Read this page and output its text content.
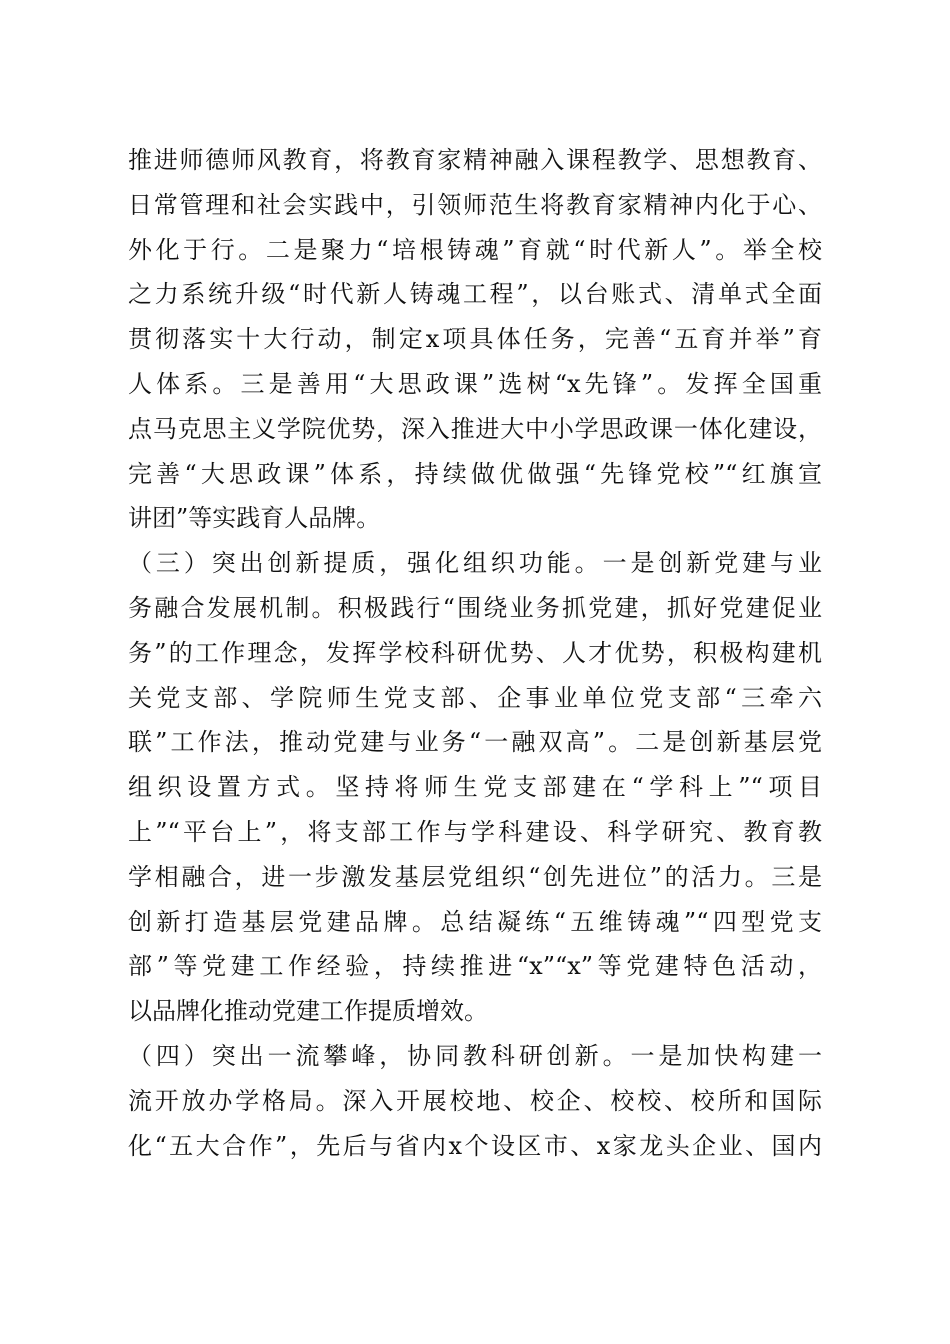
推进师德师风教育，将教育家精神融入课程教学、思想教育、
日常管理和社会实践中，引领师范生将教育家精神内化于心、
外化于行。二是聚力“培根铸魂”育就“时代新人”。举全校
之力系统升级“时代新人铸魂工程”，以台账式、清单式全面
贯彻落实十大行动，制定x项具体任务，完善“五育并举”育
人体系。三是善用“大思政课”选树“x先锋”。发挥全国重
点马克思主义学院优势，深入推进大中小学思政课一体化建设，
完善“大思政课”体系，持续做优做强“先锋党校”“红旗宣
讲团”等实践育人品牌。
（三）突出创新提质，强化组织功能。一是创新党建与业
务融合发展机制。积极践行“围绕业务抓党建，抓好党建促业
务”的工作理念，发挥学校科研优势、人才优势，积极构建机
关党支部、学院师生党支部、企事业单位党支部“三牵六
联”工作法，推动党建与业务“一融双高”。二是创新基层党
组织设置方式。坚持将师生党支部建在“学科上”“项目
上”“平台上”，将支部工作与学科建设、科学研究、教育教
学相融合，进一步激发基层党组织“创先进位”的活力。三是
创新打造基层党建品牌。总结凝练“五维铸魂”“四型党支
部”等党建工作经验，持续推进“x”“x”等党建特色活动，
以品牌化推动党建工作提质增效。
（四）突出一流攀峰，协同教科研创新。一是加快构建一
流开放办学格局。深入开展校地、校企、校校、校所和国际
化“五大合作”，先后与省内x个设区市、x家龙头企业、国内
